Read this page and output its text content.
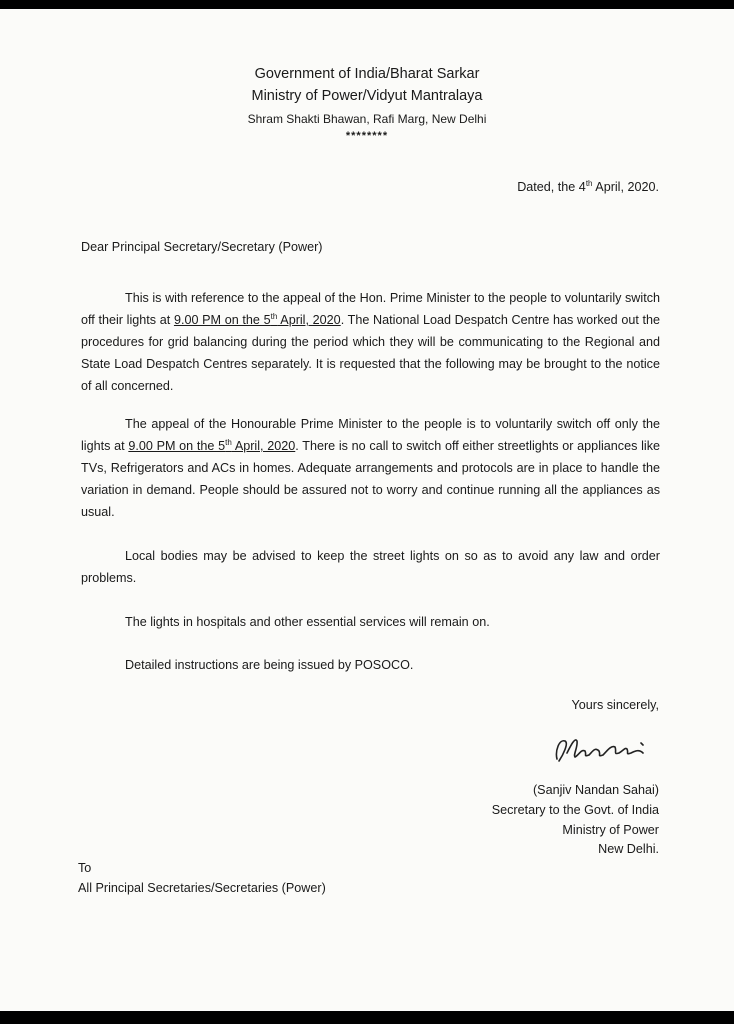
Government of India/Bharat Sarkar
Ministry of Power/Vidyut Mantralaya
Shram Shakti Bhawan, Rafi Marg, New Delhi
********
Dated, the 4th April, 2020.
Dear Principal Secretary/Secretary (Power)

This is with reference to the appeal of the Hon. Prime Minister to the people to voluntarily switch off their lights at 9.00 PM on the 5th April, 2020. The National Load Despatch Centre has worked out the procedures for grid balancing during the period which they will be communicating to the Regional and State Load Despatch Centres separately. It is requested that the following may be brought to the notice of all concerned.

The appeal of the Honourable Prime Minister to the people is to voluntarily switch off only the lights at 9.00 PM on the 5th April, 2020. There is no call to switch off either streetlights or appliances like TVs, Refrigerators and ACs in homes. Adequate arrangements and protocols are in place to handle the variation in demand. People should be assured not to worry and continue running all the appliances as usual.

Local bodies may be advised to keep the street lights on so as to avoid any law and order problems.

The lights in hospitals and other essential services will remain on.

Detailed instructions are being issued by POSOCO.

Yours sincerely,
(Sanjiv Nandan Sahai)
Secretary to the Govt. of India
Ministry of Power
New Delhi.
To
All Principal Secretaries/Secretaries (Power)
